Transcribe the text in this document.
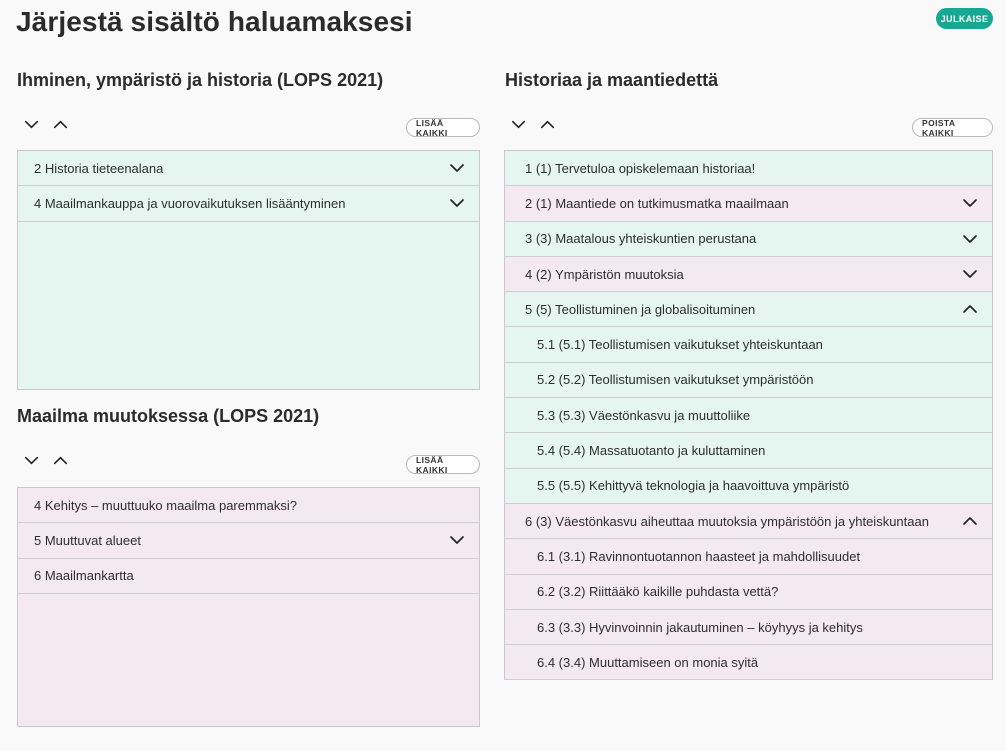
Järjestä sisältö haluamaksesi	JULKAISE
Ihminen, ympäristö ja historia (LOPS 2021)
LISÄÄ KAIKKI
2 Historia tieteenalana
4 Maailmankauppa ja vuorovaikutuksen lisääntyminen
Maailma muutoksessa (LOPS 2021)
LISÄÄ KAIKKI
4 Kehitys – muuttuuko maailma paremmaksi?
5 Muuttuvat alueet
6 Maailmankartta
Historiaa ja maantiedettä
POISTA KAIKKI
1 (1) Tervetuloa opiskelemaan historiaa!
2 (1) Maantiede on tutkimusmatka maailmaan
3 (3) Maatalous yhteiskuntien perustana
4 (2) Ympäristön muutoksia
5 (5) Teollistuminen ja globalisoituminen
5.1 (5.1) Teollistumisen vaikutukset yhteiskuntaan
5.2 (5.2) Teollistumisen vaikutukset ympäristöön
5.3 (5.3) Väestönkasvu ja muuttoliike
5.4 (5.4) Massatuotanto ja kuluttaminen
5.5 (5.5) Kehittyvä teknologia ja haavoittuva ympäristö
6 (3) Väestönkasvu aiheuttaa muutoksia ympäristöön ja yhteiskuntaan
6.1 (3.1) Ravinnontuotannon haasteet ja mahdollisuudet
6.2 (3.2) Riittääkö kaikille puhdasta vettä?
6.3 (3.3) Hyvinvoinnin jakautuminen – köyhyys ja kehitys
6.4 (3.4) Muuttamiseen on monia syitä
